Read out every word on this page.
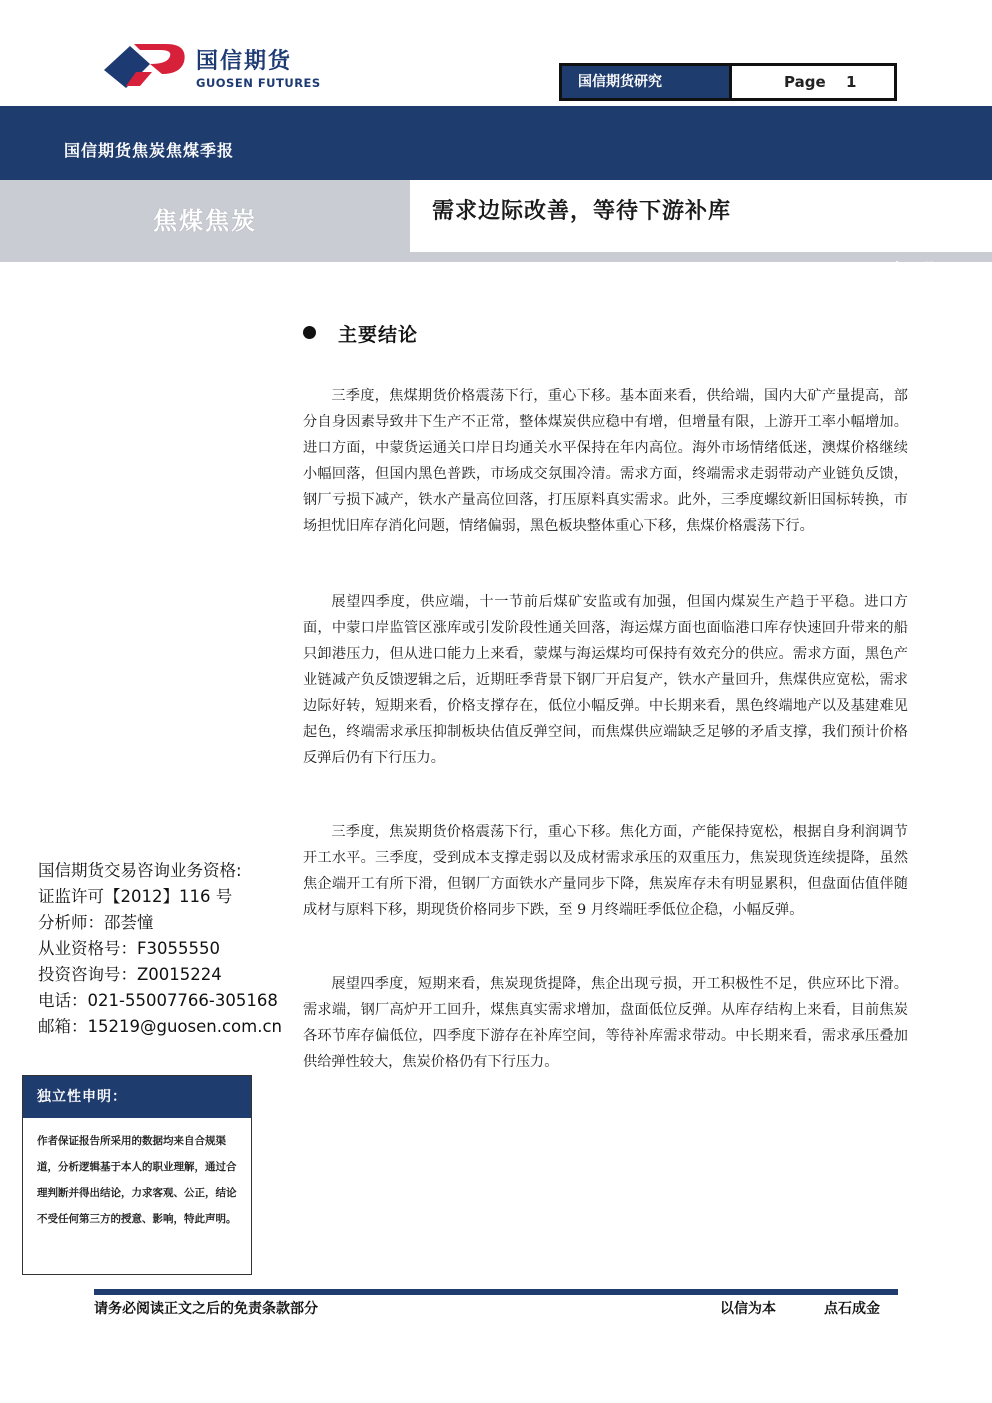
国信期货
GUOSEN FUTURES	国信期货研究	Page 1
国信期货焦炭焦煤季报
焦煤焦炭	需求边际改善，等待下游补库
2023 年 9 月 22 日
主要结论

三季度，焦煤期货价格震荡下行，重心下移。基本面来看，供给端，国内大矿产量提高，部分自身因素导致井下生产不正常，整体煤炭供应稳中有增，但增量有限，上游开工率小幅增加。进口方面，中蒙货运通关口岸日均通关水平保持在年内高位。海外市场情绪低迷，澳煤价格继续小幅回落，但国内黑色普跌，市场成交氛围冷清。需求方面，终端需求走弱带动产业链负反馈，钢厂亏损下减产，铁水产量高位回落，打压原料真实需求。此外，三季度螺纹新旧国标转换，市场担忧旧库存消化问题，情绪偏弱，黑色板块整体重心下移，焦煤价格震荡下行。

展望四季度，供应端，十一节前后煤矿安监或有加强，但国内煤炭生产趋于平稳。进口方面，中蒙口岸监管区涨库或引发阶段性通关回落，海运煤方面也面临港口库存快速回升带来的船只卸港压力，但从进口能力上来看，蒙煤与海运煤均可保持有效充分的供应。需求方面，黑色产业链减产负反馈逻辑之后，近期旺季背景下钢厂开启复产，铁水产量回升，焦煤供应宽松，需求边际好转，短期来看，价格支撑存在，低位小幅反弹。中长期来看，黑色终端地产以及基建难见起色，终端需求承压抑制板块估值反弹空间，而焦煤供应端缺乏足够的矛盾支撑，我们预计价格反弹后仍有下行压力。

三季度，焦炭期货价格震荡下行，重心下移。焦化方面，产能保持宽松，根据自身利润调节开工水平。三季度，受到成本支撑走弱以及成材需求承压的双重压力，焦炭现货连续提降，虽然焦企端开工有所下滑，但钢厂方面铁水产量同步下降，焦炭库存未有明显累积，但盘面估值伴随成材与原料下移，期现货价格同步下跌，至 9 月终端旺季低位企稳，小幅反弹。

展望四季度，短期来看，焦炭现货提降，焦企出现亏损，开工积极性不足，供应环比下滑。需求端，钢厂高炉开工回升，煤焦真实需求增加，盘面低位反弹。从库存结构上来看，目前焦炭各环节库存偏低位，四季度下游存在补库空间，等待补库需求带动。中长期来看，需求承压叠加供给弹性较大，焦炭价格仍有下行压力。

国信期货交易咨询业务资格:
证监许可【2012】116 号
分析师：邵荟憧
从业资格号：F3055550
投资咨询号：Z0015224
电话：021-55007766-305168
邮箱：15219@guosen.com.cn
独立性申明：
作者保证报告所采用的数据均来自合规渠道，分析逻辑基于本人的职业理解，通过合理判断并得出结论，力求客观、公正，结论不受任何第三方的授意、影响，特此声明。
请务必阅读正文之后的免责条款部分	以信为本	点石成金
